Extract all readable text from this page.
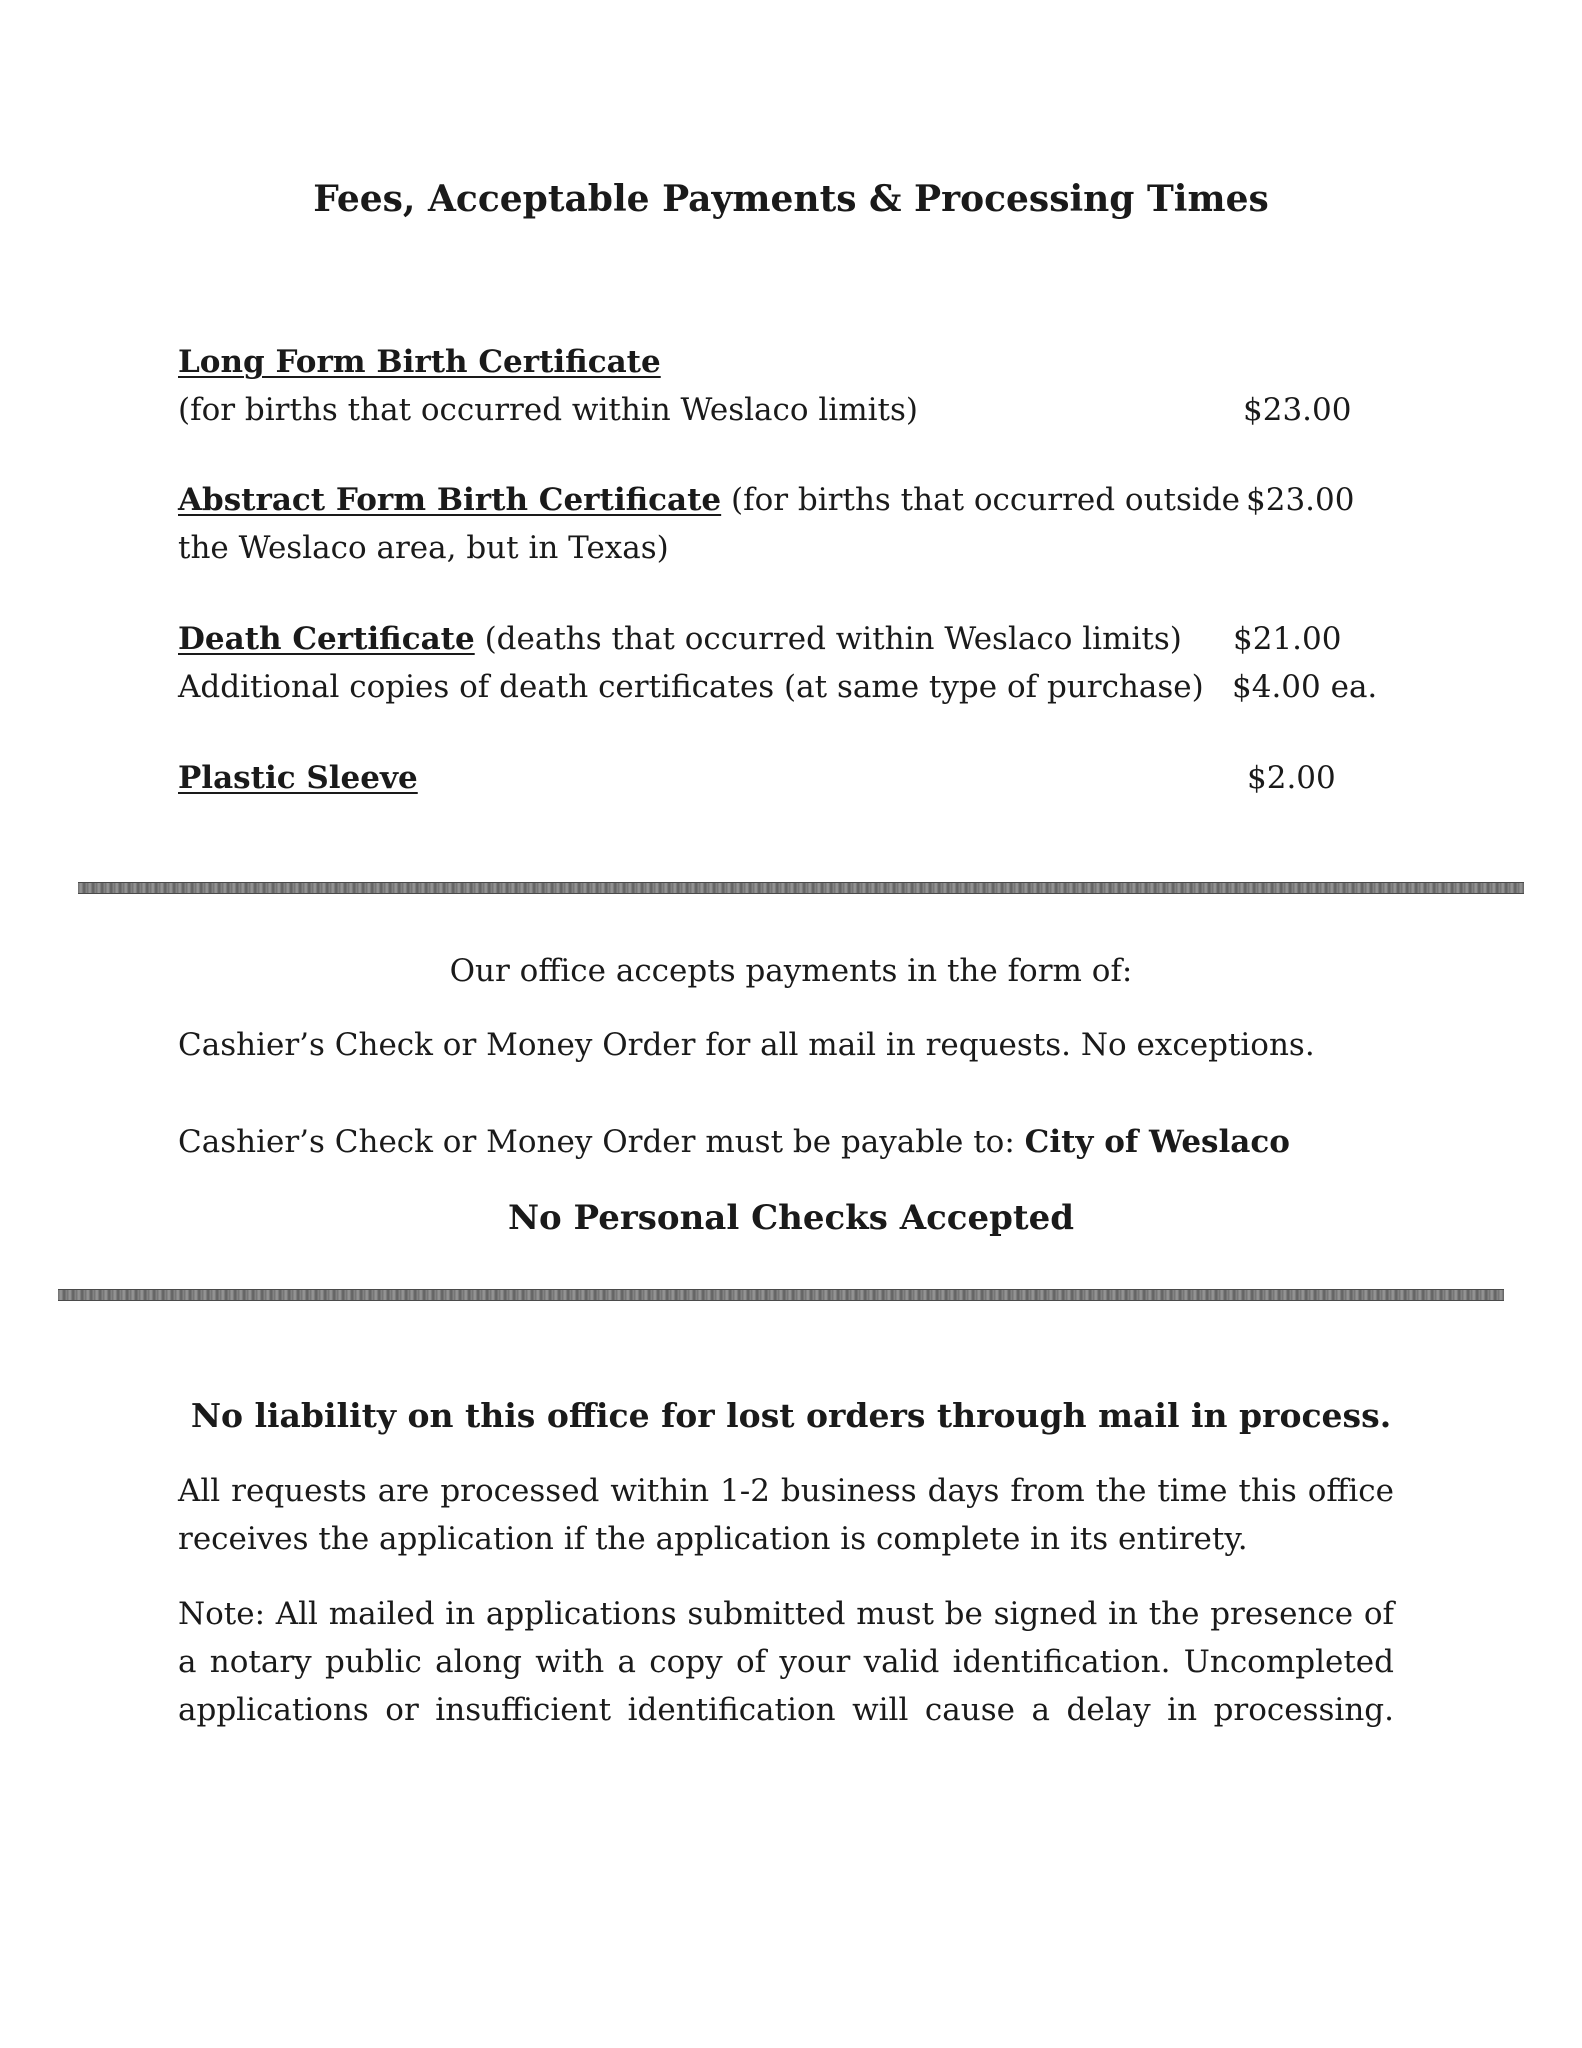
Fees, Acceptable Payments & Processing Times
Long Form Birth Certificate
(for births that occurred within Weslaco limits)	$23.00
Abstract Form Birth Certificate (for births that occurred outside
the Weslaco area, but in Texas)
$23.00
Death Certificate (deaths that occurred within Weslaco limits) $21.00
Additional copies of death certificates (at same type of purchase) $4.00 ea.
Plastic Sleeve	$2.00
Our office accepts payments in the form of:
Cashier’s Check or Money Order for all mail in requests. No exceptions.
Cashier’s Check or Money Order must be payable to: City of Weslaco
No Personal Checks Accepted
No liability on this office for lost orders through mail in process.
All requests are processed within 1-2 business days from the time this office receives the application if the application is complete in its entirety.
Note: All mailed in applications submitted must be signed in the presence of a notary public along with a copy of your valid identification. Uncompleted applications or insufficient identification will cause a delay in processing.
